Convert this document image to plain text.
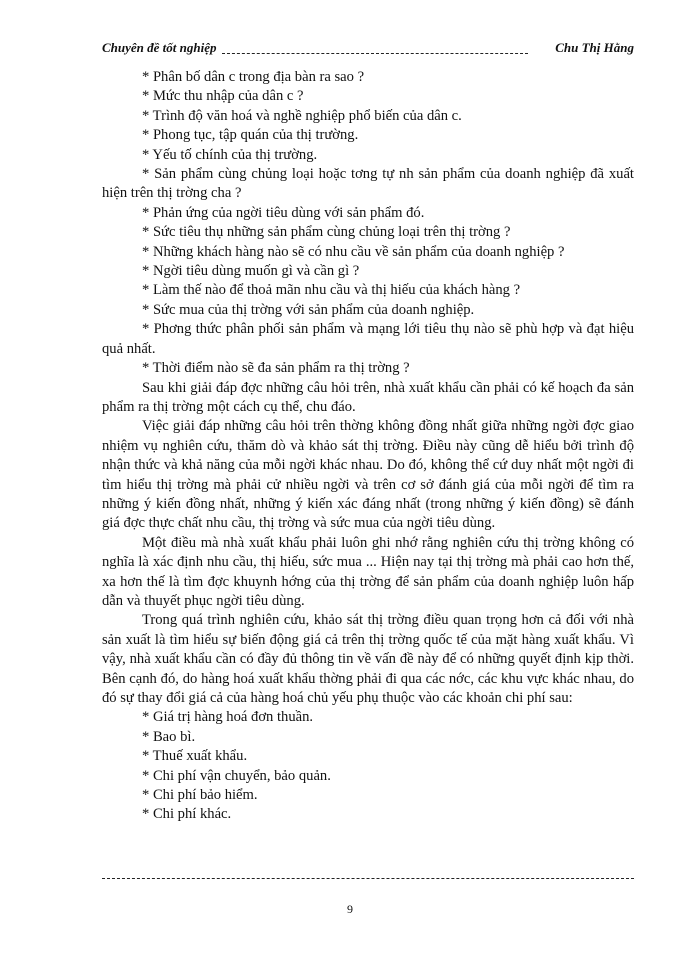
Chuyên đề tốt nghiệp	Chu Thị Hằng

* Phân bố dân c trong địa bàn ra sao ?

* Mức thu nhập của dân c ?

* Trình độ văn hoá và nghề nghiệp phổ biến của dân c.

* Phong tục, tập quán của thị trường.

* Yếu tố chính của thị trường.

* Sản phẩm cùng chủng loại hoặc tơng tự nh sản phẩm của doanh nghiệp đã xuất hiện trên thị trờng cha ?

* Phản ứng của ngời tiêu dùng với sản phẩm đó.

* Sức tiêu thụ những sản phẩm cùng chủng loại trên thị trờng ?

* Những khách hàng nào sẽ có nhu cầu về sản phẩm của doanh nghiệp ?

* Ngời tiêu dùng muốn gì và cần gì ?

* Làm thế nào để thoả mãn nhu cầu và thị hiếu của khách hàng ?

* Sức mua của thị trờng với sản phẩm của doanh nghiệp.

* Phơng thức phân phối sản phẩm và mạng lới tiêu thụ nào sẽ phù hợp và đạt hiệu quả nhất.

* Thời điểm nào sẽ đa sản phẩm ra thị trờng ?

Sau khi giải đáp đợc những câu hỏi trên, nhà xuất khẩu cần phải có kế hoạch đa sản phẩm ra thị trờng một cách cụ thể, chu đáo.

Việc giải đáp những câu hỏi trên thờng không đồng nhất giữa những ngời đợc giao nhiệm vụ nghiên cứu, thăm dò và khảo sát thị trờng. Điều này cũng dễ hiểu bởi trình độ nhận thức và khả năng của mỗi ngời khác nhau. Do đó, không thể cứ duy nhất một ngời đi tìm hiểu thị trờng mà phải cử nhiều ngời và trên cơ sở đánh giá của mỗi ngời để tìm ra những ý kiến đồng nhất, những ý kiến xác đáng nhất (trong những ý kiến đồng) sẽ đánh giá đợc thực chất nhu cầu, thị trờng và sức mua của ngời tiêu dùng.

Một điều mà nhà xuất khẩu phải luôn ghi nhớ rằng nghiên cứu thị trờng không có nghĩa là xác định nhu cầu, thị hiếu, sức mua ... Hiện nay tại thị trờng mà phải cao hơn thế, xa hơn thế là tìm đợc khuynh hớng của thị trờng để sản phẩm của doanh nghiệp luôn hấp dẫn và thuyết phục ngời tiêu dùng.

Trong quá trình nghiên cứu, khảo sát thị trờng điều quan trọng hơn cả đối với nhà sản xuất là tìm hiểu sự biến động giá cả trên thị trờng quốc tế của mặt hàng xuất khẩu. Vì vậy, nhà xuất khẩu cần có đầy đủ thông tin về vấn đề này để có những quyết định kịp thời. Bên cạnh đó, do hàng hoá xuất khẩu thờng phải đi qua các nớc, các khu vực khác nhau, do đó sự thay đổi giá cả của hàng hoá chủ yếu phụ thuộc vào các khoản chi phí sau:

* Giá trị hàng hoá đơn thuần.

* Bao bì.

* Thuế xuất khẩu.

* Chi phí vận chuyển, bảo quản.

* Chi phí bảo hiểm.

* Chi phí khác.

9
